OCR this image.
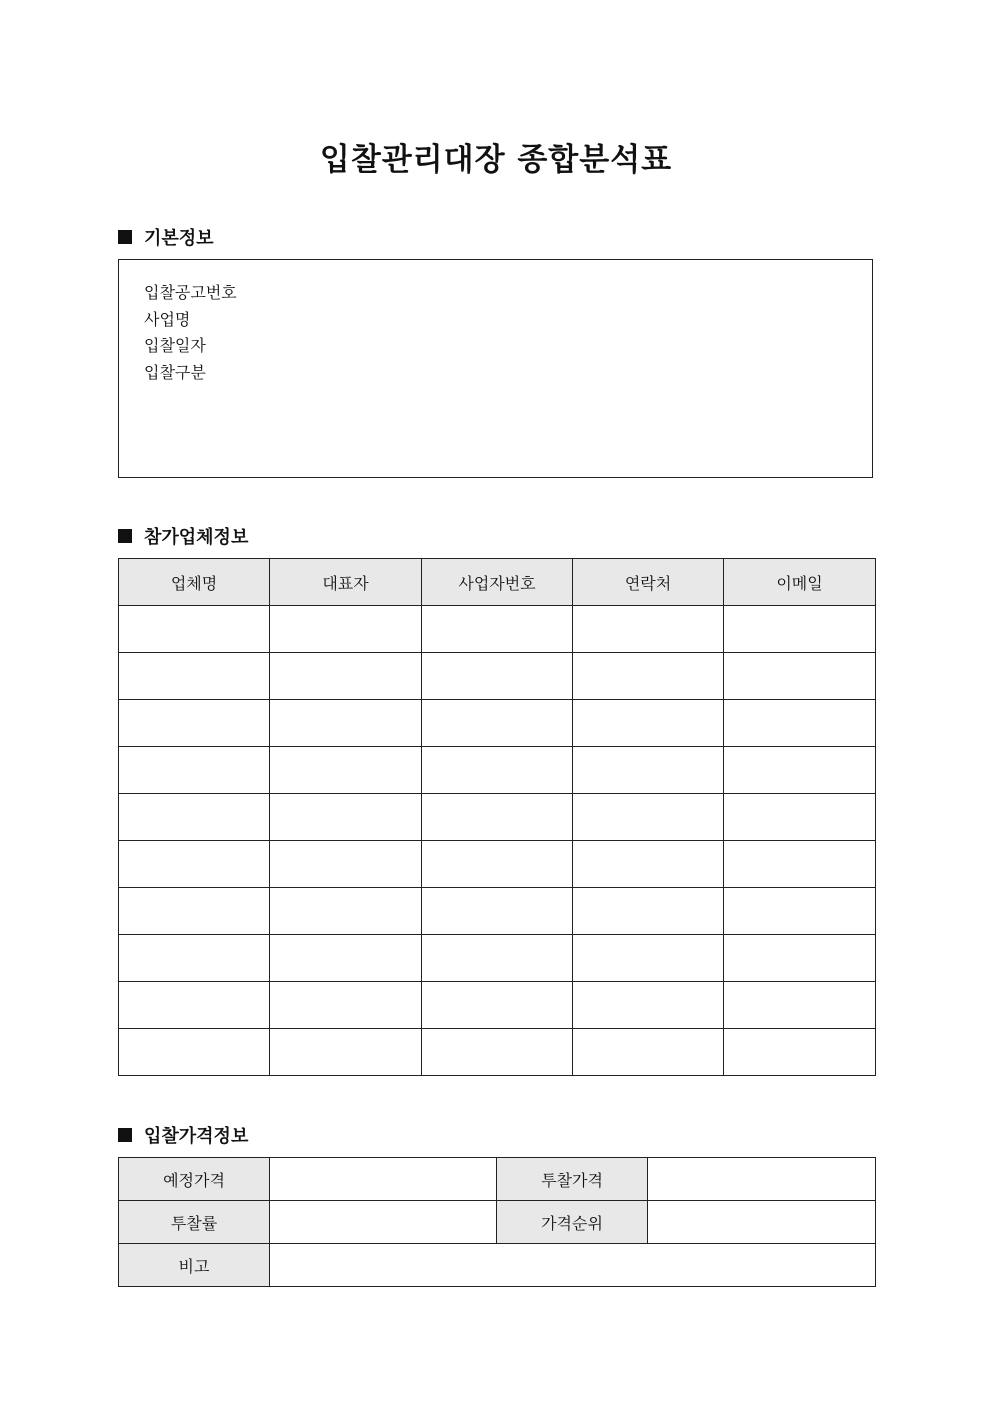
입찰관리대장 종합분석표
기본정보
입찰공고번호
사업명
입찰일자
입찰구분
참가업체정보
업체명	대표자	사업자번호	연락처	이메일

입찰가격정보
예정가격		투찰가격	
투찰률		가격순위	
비고			
